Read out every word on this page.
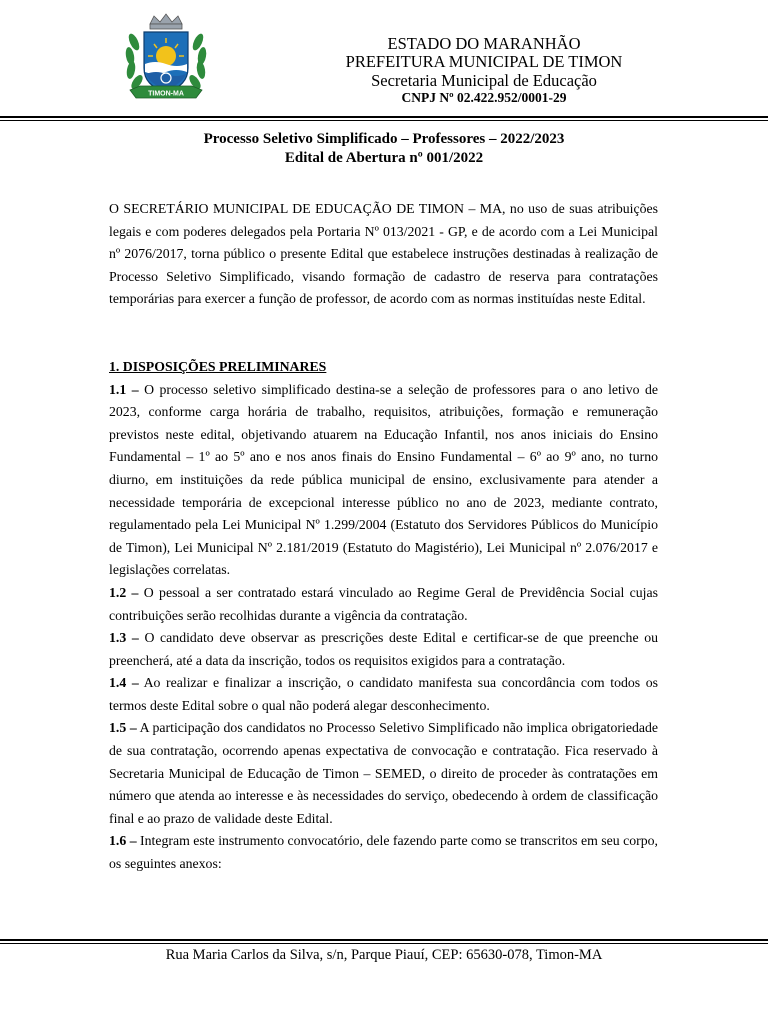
TIMON-MA
ESTADO DO MARANHÃO
PREFEITURA MUNICIPAL DE TIMON
Secretaria Municipal de Educação
CNPJ Nº 02.422.952/0001-29
Processo Seletivo Simplificado – Professores – 2022/2023
Edital de Abertura nº 001/2022

O SECRETÁRIO MUNICIPAL DE EDUCAÇÃO DE TIMON – MA, no uso de suas atribuições legais e com poderes delegados pela Portaria Nº 013/2021 - GP, e de acordo com a Lei Municipal nº 2076/2017, torna público o presente Edital que estabelece instruções destinadas à realização de Processo Seletivo Simplificado, visando formação de cadastro de reserva para contratações temporárias para exercer a função de professor, de acordo com as normas instituídas neste Edital.

1. DISPOSIÇÕES PRELIMINARES

1.1 – O processo seletivo simplificado destina-se a seleção de professores para o ano letivo de 2023, conforme carga horária de trabalho, requisitos, atribuições, formação e remuneração previstos neste edital, objetivando atuarem na Educação Infantil, nos anos iniciais do Ensino Fundamental – 1º ao 5º ano e nos anos finais do Ensino Fundamental – 6º ao 9º ano, no turno diurno, em instituições da rede pública municipal de ensino, exclusivamente para atender a necessidade temporária de excepcional interesse público no ano de 2023, mediante contrato, regulamentado pela Lei Municipal Nº 1.299/2004 (Estatuto dos Servidores Públicos do Município de Timon), Lei Municipal Nº 2.181/2019 (Estatuto do Magistério), Lei Municipal nº 2.076/2017 e legislações correlatas.

1.2 – O pessoal a ser contratado estará vinculado ao Regime Geral de Previdência Social cujas contribuições serão recolhidas durante a vigência da contratação.

1.3 – O candidato deve observar as prescrições deste Edital e certificar-se de que preenche ou preencherá, até a data da inscrição, todos os requisitos exigidos para a contratação.

1.4 – Ao realizar e finalizar a inscrição, o candidato manifesta sua concordância com todos os termos deste Edital sobre o qual não poderá alegar desconhecimento.

1.5 – A participação dos candidatos no Processo Seletivo Simplificado não implica obrigatoriedade de sua contratação, ocorrendo apenas expectativa de convocação e contratação. Fica reservado à Secretaria Municipal de Educação de Timon – SEMED, o direito de proceder às contratações em número que atenda ao interesse e às necessidades do serviço, obedecendo à ordem de classificação final e ao prazo de validade deste Edital.

1.6 – Integram este instrumento convocatório, dele fazendo parte como se transcritos em seu corpo, os seguintes anexos:

Rua Maria Carlos da Silva, s/n, Parque Piauí, CEP: 65630-078, Timon-MA
